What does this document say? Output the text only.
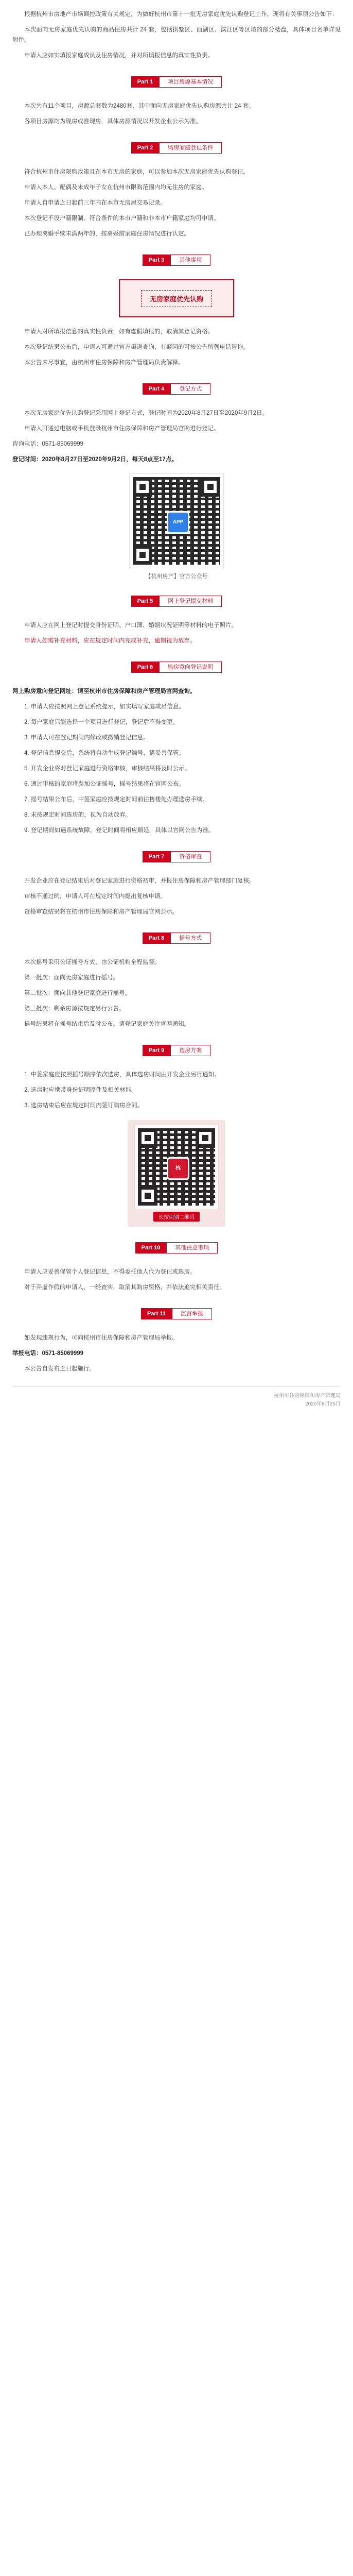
根据杭州市房地产市场调控政策有关规定，为做好杭州市第十一批无房家庭优先认购登记工作，现将有关事项公告如下：

本次面向无房家庭优先认购的商品住房共计 24 套，包括拱墅区、西湖区、滨江区等区域的部分楼盘，具体项目名单详见附件。

申请人应如实填报家庭成员及住房情况，并对所填报信息的真实性负责。

Part 1	项目房源基本情况

本次共有11个项目，房源总套数为2480套，其中面向无房家庭优先认购房源共计 24 套。

各项目房源均为现房或准现房，具体房源情况以开发企业公示为准。

Part 2	购房家庭登记条件

符合杭州市住房限购政策且在本市无房的家庭，可以参加本次无房家庭优先认购登记。

申请人本人、配偶及未成年子女在杭州市限购范围内均无住房的家庭。

申请人自申请之日起前三年内在本市无房屋交易记录。

本次登记不设户籍限制，符合条件的本市户籍和非本市户籍家庭均可申请。

已办理离婚手续未满两年的，按离婚前家庭住房情况进行认定。

Part 3	其他事项
无房家庭优先认购

申请人对所填报信息的真实性负责，如有虚假填报的，取消其登记资格。

本次登记结果公布后，申请人可通过官方渠道查询，有疑问的可按公告所列电话咨询。

本公告未尽事宜，由杭州市住房保障和房产管理局负责解释。

Part 4	登记方式

本次无房家庭优先认购登记采用网上登记方式，登记时间为2020年8月27日至2020年9月2日。

申请人可通过电脑或手机登录杭州市住房保障和房产管理局官网进行登记。

咨询电话：0571-85069999

登记时间：2020年8月27日至2020年9月2日，每天8点至17点。

APP
【杭州房产】官方公众号
Part 5	网上登记提交材料

申请人应在网上登记时提交身份证明、户口簿、婚姻状况证明等材料的电子照片。

申请人如需补充材料，应在规定时间内完成补充，逾期视为放弃。

Part 6	购房意向登记说明

网上购房意向登记网址：请至杭州市住房保障和房产管理局官网查询。

1. 申请人应按照网上登记系统提示，如实填写家庭成员信息。

2. 每户家庭只能选择一个项目进行登记，登记后不得变更。

3. 申请人可在登记期间内修改或撤销登记信息。

4. 登记信息提交后，系统将自动生成登记编号，请妥善保管。

5. 开发企业将对登记家庭进行资格审核，审核结果将及时公示。

6. 通过审核的家庭将参加公证摇号，摇号结果将在官网公布。

7. 摇号结果公布后，中签家庭应按规定时间前往售楼处办理选房手续。

8. 未按规定时间选房的，视为自动放弃。

9. 登记期间如遇系统故障，登记时间将相应顺延，具体以官网公告为准。

Part 7	资格审查

开发企业应在登记结束后对登记家庭进行资格初审，并报住房保障和房产管理部门复核。

审核不通过的，申请人可在规定时间内提出复核申请。

资格审查结果将在杭州市住房保障和房产管理局官网公示。

Part 8	摇号方式

本次摇号采用公证摇号方式，由公证机构全程监督。

第一批次：面向无房家庭进行摇号。

第二批次：面向其他登记家庭进行摇号。

第三批次：剩余房源按规定另行公告。

摇号结果将在摇号结束后及时公布，请登记家庭关注官网通知。

Part 9	选房方案

1. 中签家庭应按照摇号顺序依次选房，具体选房时间由开发企业另行通知。

2. 选房时应携带身份证明原件及相关材料。

3. 选房结束后应在规定时间内签订购房合同。

杭
长按识别二维码
Part 10	其他注意事项

申请人应妥善保管个人登记信息，不得委托他人代为登记或选房。

对于弄虚作假的申请人，一经查实，取消其购房资格，并依法追究相关责任。

Part 11	监督举报

如发现违规行为，可向杭州市住房保障和房产管理局举报。

举报电话：0571-85069999

本公告自发布之日起施行。

杭州市住房保障和房产管理局
2020年8月25日
